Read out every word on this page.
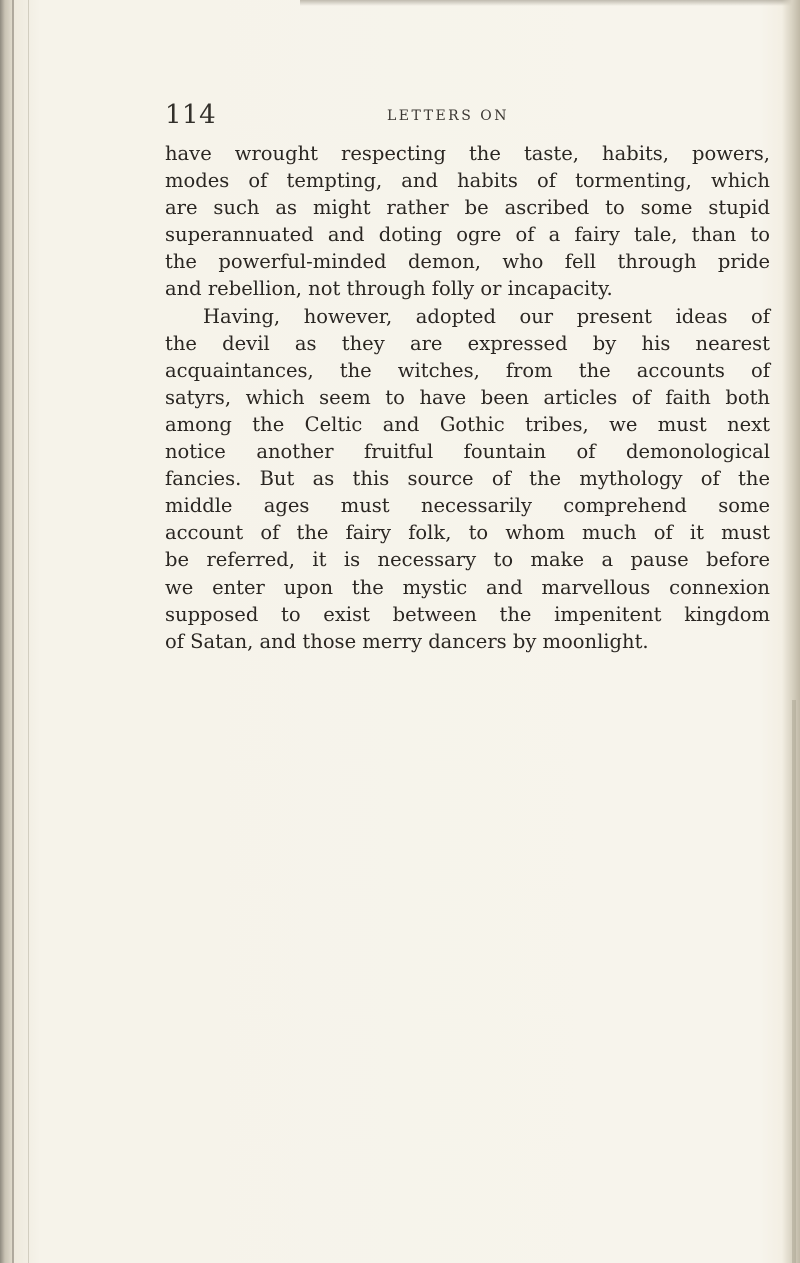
114	LETTERS ON
have wrought respecting the taste, habits, powers,
modes of tempting, and habits of tormenting, which
are such as might rather be ascribed to some stupid
superannuated and doting ogre of a fairy tale, than to
the powerful-minded demon, who fell through pride
and rebellion, not through folly or incapacity.
Having, however, adopted our present ideas of
the devil as they are expressed by his nearest
acquaintances, the witches, from the accounts of
satyrs, which seem to have been articles of faith both
among the Celtic and Gothic tribes, we must next
notice another fruitful fountain of demonological
fancies. But as this source of the mythology of the
middle ages must necessarily comprehend some
account of the fairy folk, to whom much of it must
be referred, it is necessary to make a pause before
we enter upon the mystic and marvellous connexion
supposed to exist between the impenitent kingdom
of Satan, and those merry dancers by moonlight.
